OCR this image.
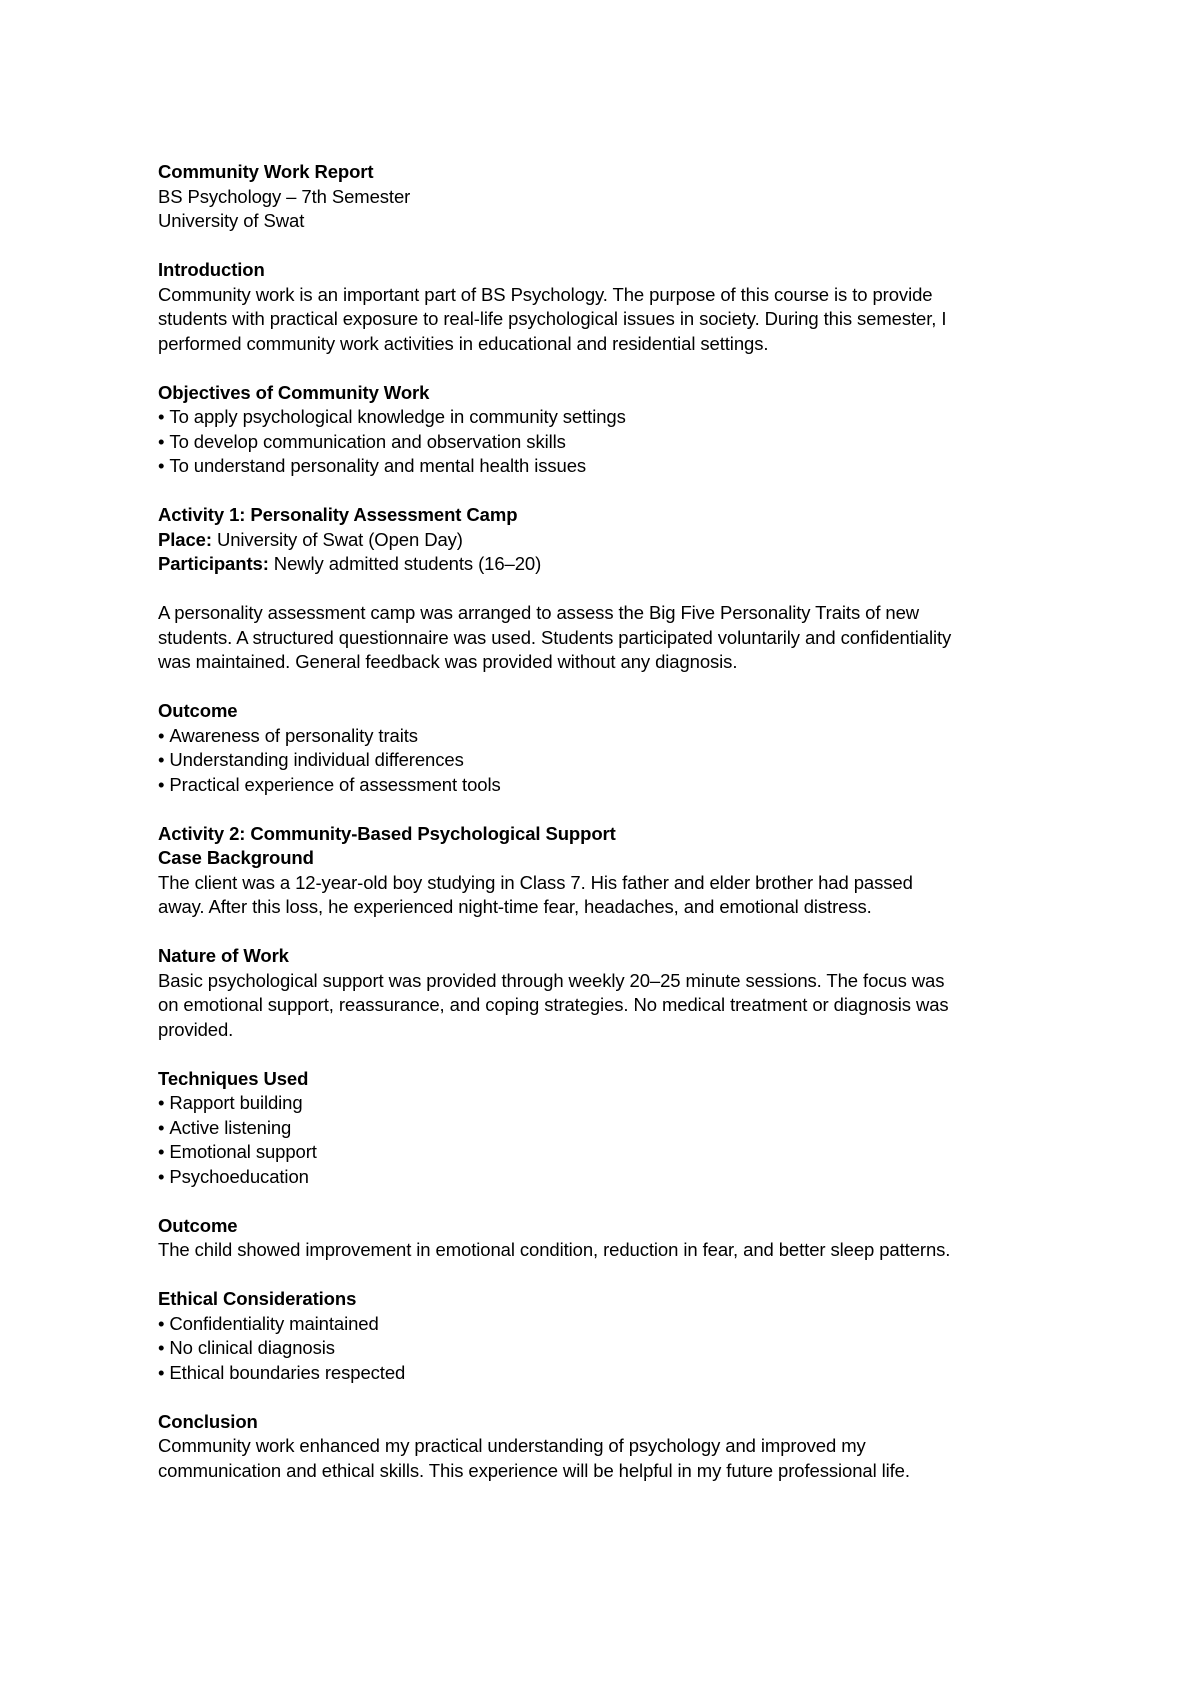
Community Work Report
BS Psychology – 7th Semester
University of Swat
Introduction
Community work is an important part of BS Psychology. The purpose of this course is to provide
students with practical exposure to real-life psychological issues in society. During this semester, I
performed community work activities in educational and residential settings.
Objectives of Community Work
• To apply psychological knowledge in community settings
• To develop communication and observation skills
• To understand personality and mental health issues
Activity 1: Personality Assessment Camp
Place: University of Swat (Open Day)
Participants: Newly admitted students (16–20)
A personality assessment camp was arranged to assess the Big Five Personality Traits of new
students. A structured questionnaire was used. Students participated voluntarily and confidentiality
was maintained. General feedback was provided without any diagnosis.
Outcome
• Awareness of personality traits
• Understanding individual differences
• Practical experience of assessment tools
Activity 2: Community-Based Psychological Support
Case Background
The client was a 12-year-old boy studying in Class 7. His father and elder brother had passed
away. After this loss, he experienced night-time fear, headaches, and emotional distress.
Nature of Work
Basic psychological support was provided through weekly 20–25 minute sessions. The focus was
on emotional support, reassurance, and coping strategies. No medical treatment or diagnosis was
provided.
Techniques Used
• Rapport building
• Active listening
• Emotional support
• Psychoeducation
Outcome
The child showed improvement in emotional condition, reduction in fear, and better sleep patterns.
Ethical Considerations
• Confidentiality maintained
• No clinical diagnosis
• Ethical boundaries respected
Conclusion
Community work enhanced my practical understanding of psychology and improved my
communication and ethical skills. This experience will be helpful in my future professional life.
